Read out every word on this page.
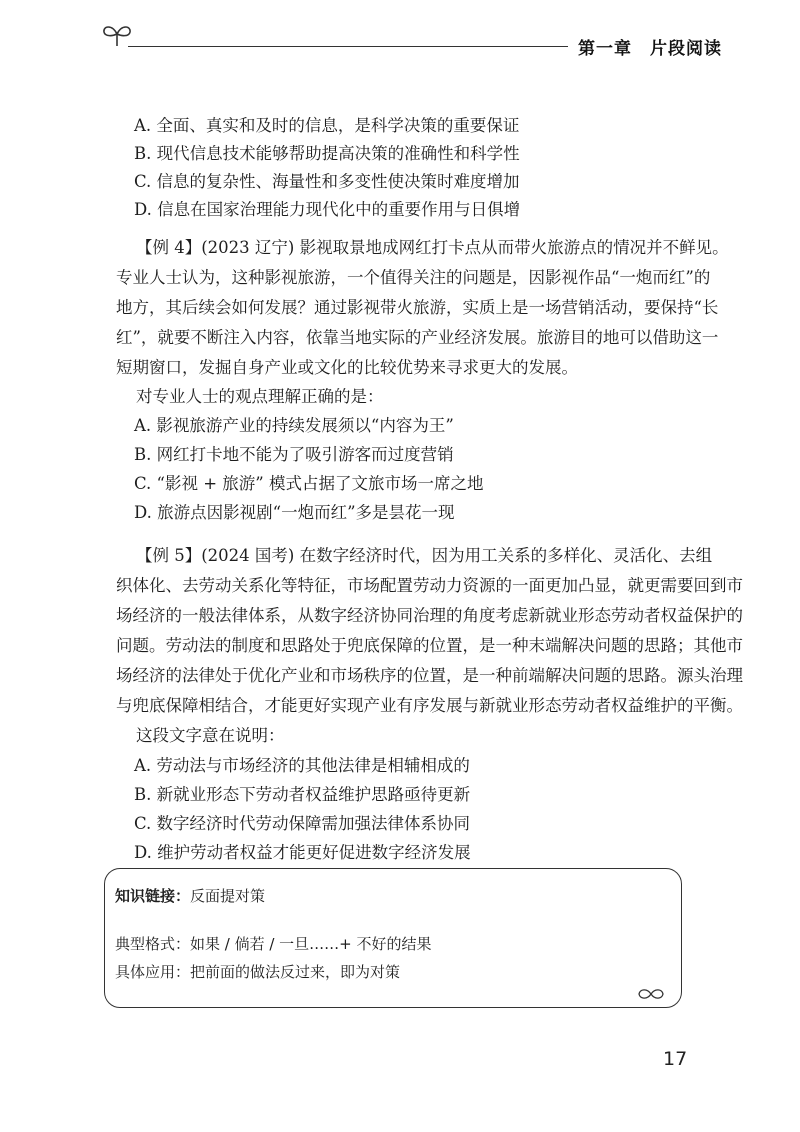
第一章 片段阅读
A. 全面、真实和及时的信息，是科学决策的重要保证
B. 现代信息技术能够帮助提高决策的准确性和科学性
C. 信息的复杂性、海量性和多变性使决策时难度增加
D. 信息在国家治理能力现代化中的重要作用与日俱增
【例 4】(2023 辽宁) 影视取景地成网红打卡点从而带火旅游点的情况并不鲜见。
专业人士认为，这种影视旅游，一个值得关注的问题是，因影视作品“一炮而红”的
地方，其后续会如何发展？通过影视带火旅游，实质上是一场营销活动，要保持“长
红”，就要不断注入内容，依靠当地实际的产业经济发展。旅游目的地可以借助这一
短期窗口，发掘自身产业或文化的比较优势来寻求更大的发展。
对专业人士的观点理解正确的是：
A. 影视旅游产业的持续发展须以“内容为王”
B. 网红打卡地不能为了吸引游客而过度营销
C. “影视 + 旅游” 模式占据了文旅市场一席之地
D. 旅游点因影视剧“一炮而红”多是昙花一现
【例 5】(2024 国考) 在数字经济时代，因为用工关系的多样化、灵活化、去组
织体化、去劳动关系化等特征，市场配置劳动力资源的一面更加凸显，就更需要回到市
场经济的一般法律体系，从数字经济协同治理的角度考虑新就业形态劳动者权益保护的
问题。劳动法的制度和思路处于兜底保障的位置，是一种末端解决问题的思路；其他市
场经济的法律处于优化产业和市场秩序的位置，是一种前端解决问题的思路。源头治理
与兜底保障相结合，才能更好实现产业有序发展与新就业形态劳动者权益维护的平衡。
这段文字意在说明：
A. 劳动法与市场经济的其他法律是相辅相成的
B. 新就业形态下劳动者权益维护思路亟待更新
C. 数字经济时代劳动保障需加强法律体系协同
D. 维护劳动者权益才能更好促进数字经济发展
知识链接：反面提对策
典型格式：如果 / 倘若 / 一旦……+ 不好的结果
具体应用：把前面的做法反过来，即为对策
17
